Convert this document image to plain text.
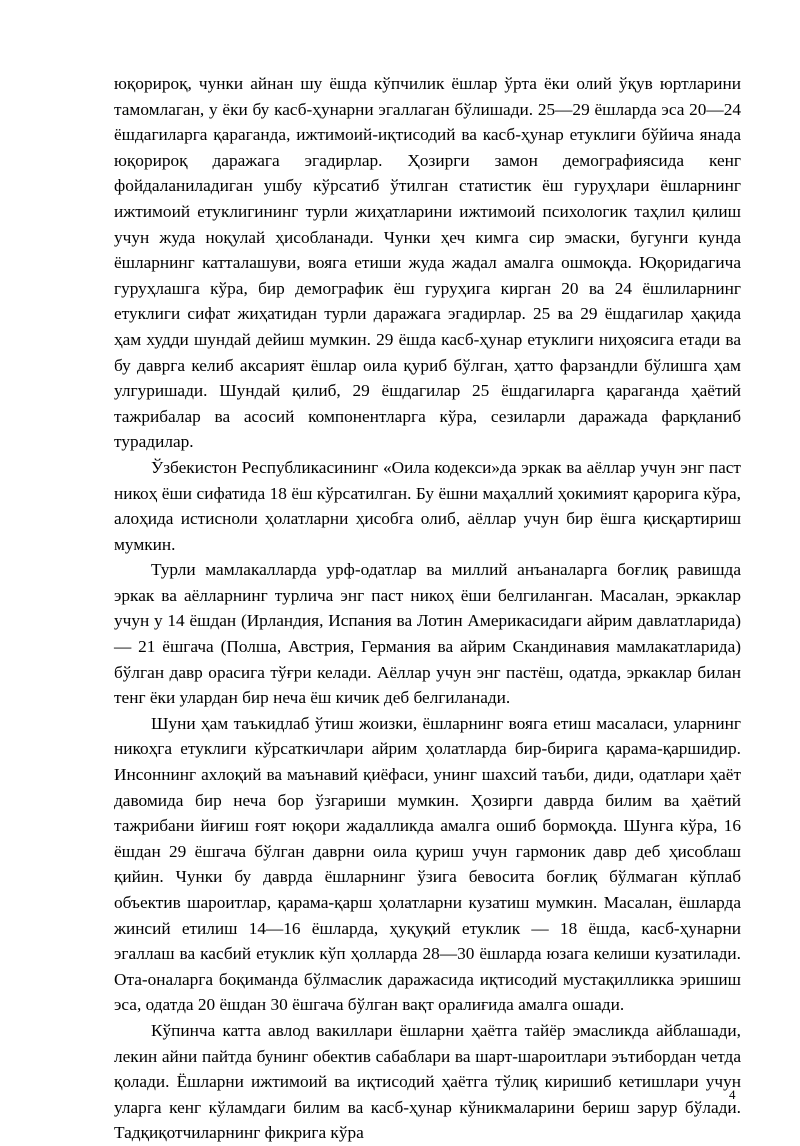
юқорироқ, чунки айнан шу ёшда кўпчилик ёшлар ўрта ёки олий ўқув юртларини тамомлаган, у ёки бу касб-ҳунарни эгаллаган бўлишади. 25—29 ёшларда эса 20—24 ёшдагиларга қараганда, ижтимоий-иқтисодий ва касб-ҳунар етуклиги бўйича янада юқорироқ даражага эгадирлар. Ҳозирги замон демографиясида кенг фойдаланиладиган ушбу кўрсатиб ўтилган статистик ёш гуруҳлари ёшларнинг ижтимоий етуклигининг турли жиҳатларини ижтимоий психологик таҳлил қилиш учун жуда ноқулай ҳисобланади. Чунки ҳеч кимга сир эмаски, бугунги кунда ёшларнинг катталашуви, вояга етиши жуда жадал амалга ошмоқда. Юқоридагича гуруҳлашга кўра, бир демографик ёш гуруҳига кирган 20 ва 24 ёшлиларнинг етуклиги сифат жиҳатидан турли даражага эгадирлар. 25 ва 29 ёшдагилар ҳақида ҳам худди шундай дейиш мумкин. 29 ёшда касб-ҳунар етуклиги ниҳоясига етади ва бу даврга келиб аксарият ёшлар оила қуриб бўлган, ҳатто фарзандли бўлишга ҳам улгуришади. Шундай қилиб, 29 ёшдагилар 25 ёшдагиларга қараганда ҳаётий тажрибалар ва асосий компонентларга кўра, сезиларли даражада фарқланиб турадилар.

Ўзбекистон Республикасининг «Оила кодекси»да эркак ва аёллар учун энг паст никоҳ ёши сифатида 18 ёш кўрсатилган. Бу ёшни маҳаллий ҳокимият қарорига кўра, алоҳида истисноли ҳолатларни ҳисобга олиб, аёллар учун бир ёшга қисқартириш мумкин.

Турли мамлакалларда урф-одатлар ва миллий анъаналарга боғлиқ равишда эркак ва аёлларнинг турлича энг паст никоҳ ёши белгиланган. Масалан, эркаклар учун у 14 ёшдан (Ирландия, Испания ва Лотин Америкасидаги айрим давлатларида) — 21 ёшгача (Полша, Австрия, Германия ва айрим Скандинавия мамлакатларида) бўлган давр орасига тўғри келади. Аёллар учун энг пастёш, одатда, эркаклар билан тенг ёки улардан бир неча ёш кичик деб белгиланади.

Шуни ҳам таъкидлаб ўтиш жоизки, ёшларнинг вояга етиш масаласи, уларнинг никоҳга етуклиги кўрсаткичлари айрим ҳолатларда бир-бирига қарама-қаршидир. Инсоннинг ахлоқий ва маънавий қиёфаси, унинг шахсий таъби, диди, одатлари ҳаёт давомида бир неча бор ўзгариши мумкин. Ҳозирги даврда билим ва ҳаётий тажрибани йиғиш ғоят юқори жадалликда амалга ошиб бормоқда. Шунга кўра, 16 ёшдан 29 ёшгача бўлган даврни оила қуриш учун гармоник давр деб ҳисоблаш қийин. Чунки бу даврда ёшларнинг ўзига бевосита боғлиқ бўлмаган кўплаб объектив шароитлар, қарама-қарш ҳолатларни кузатиш мумкин. Масалан, ёшларда жинсий етилиш 14—16 ёшларда, ҳуқуқий етуклик — 18 ёшда, касб-ҳунарни эгаллаш ва касбий етуклик кўп ҳолларда 28—30 ёшларда юзага келиши кузатилади. Ота-оналарга боқиманда бўлмаслик даражасида иқтисодий мустақилликка эришиш эса, одатда 20 ёшдан 30 ёшгача бўлган вақт оралиғида амалга ошади.

Кўпинча катта авлод вакиллари ёшларни ҳаётга тайёр эмасликда айблашади, лекин айни пайтда бунинг обектив сабаблари ва шарт-шароитлари эътибордан четда қолади. Ёшларни ижтимоий ва иқтисодий ҳаётга тўлиқ киришиб кетишлари учун уларга кенг кўламдаги билим ва касб-ҳунар кўникмаларини бериш зарур бўлади. Тадқиқотчиларнинг фикрига кўра

4
